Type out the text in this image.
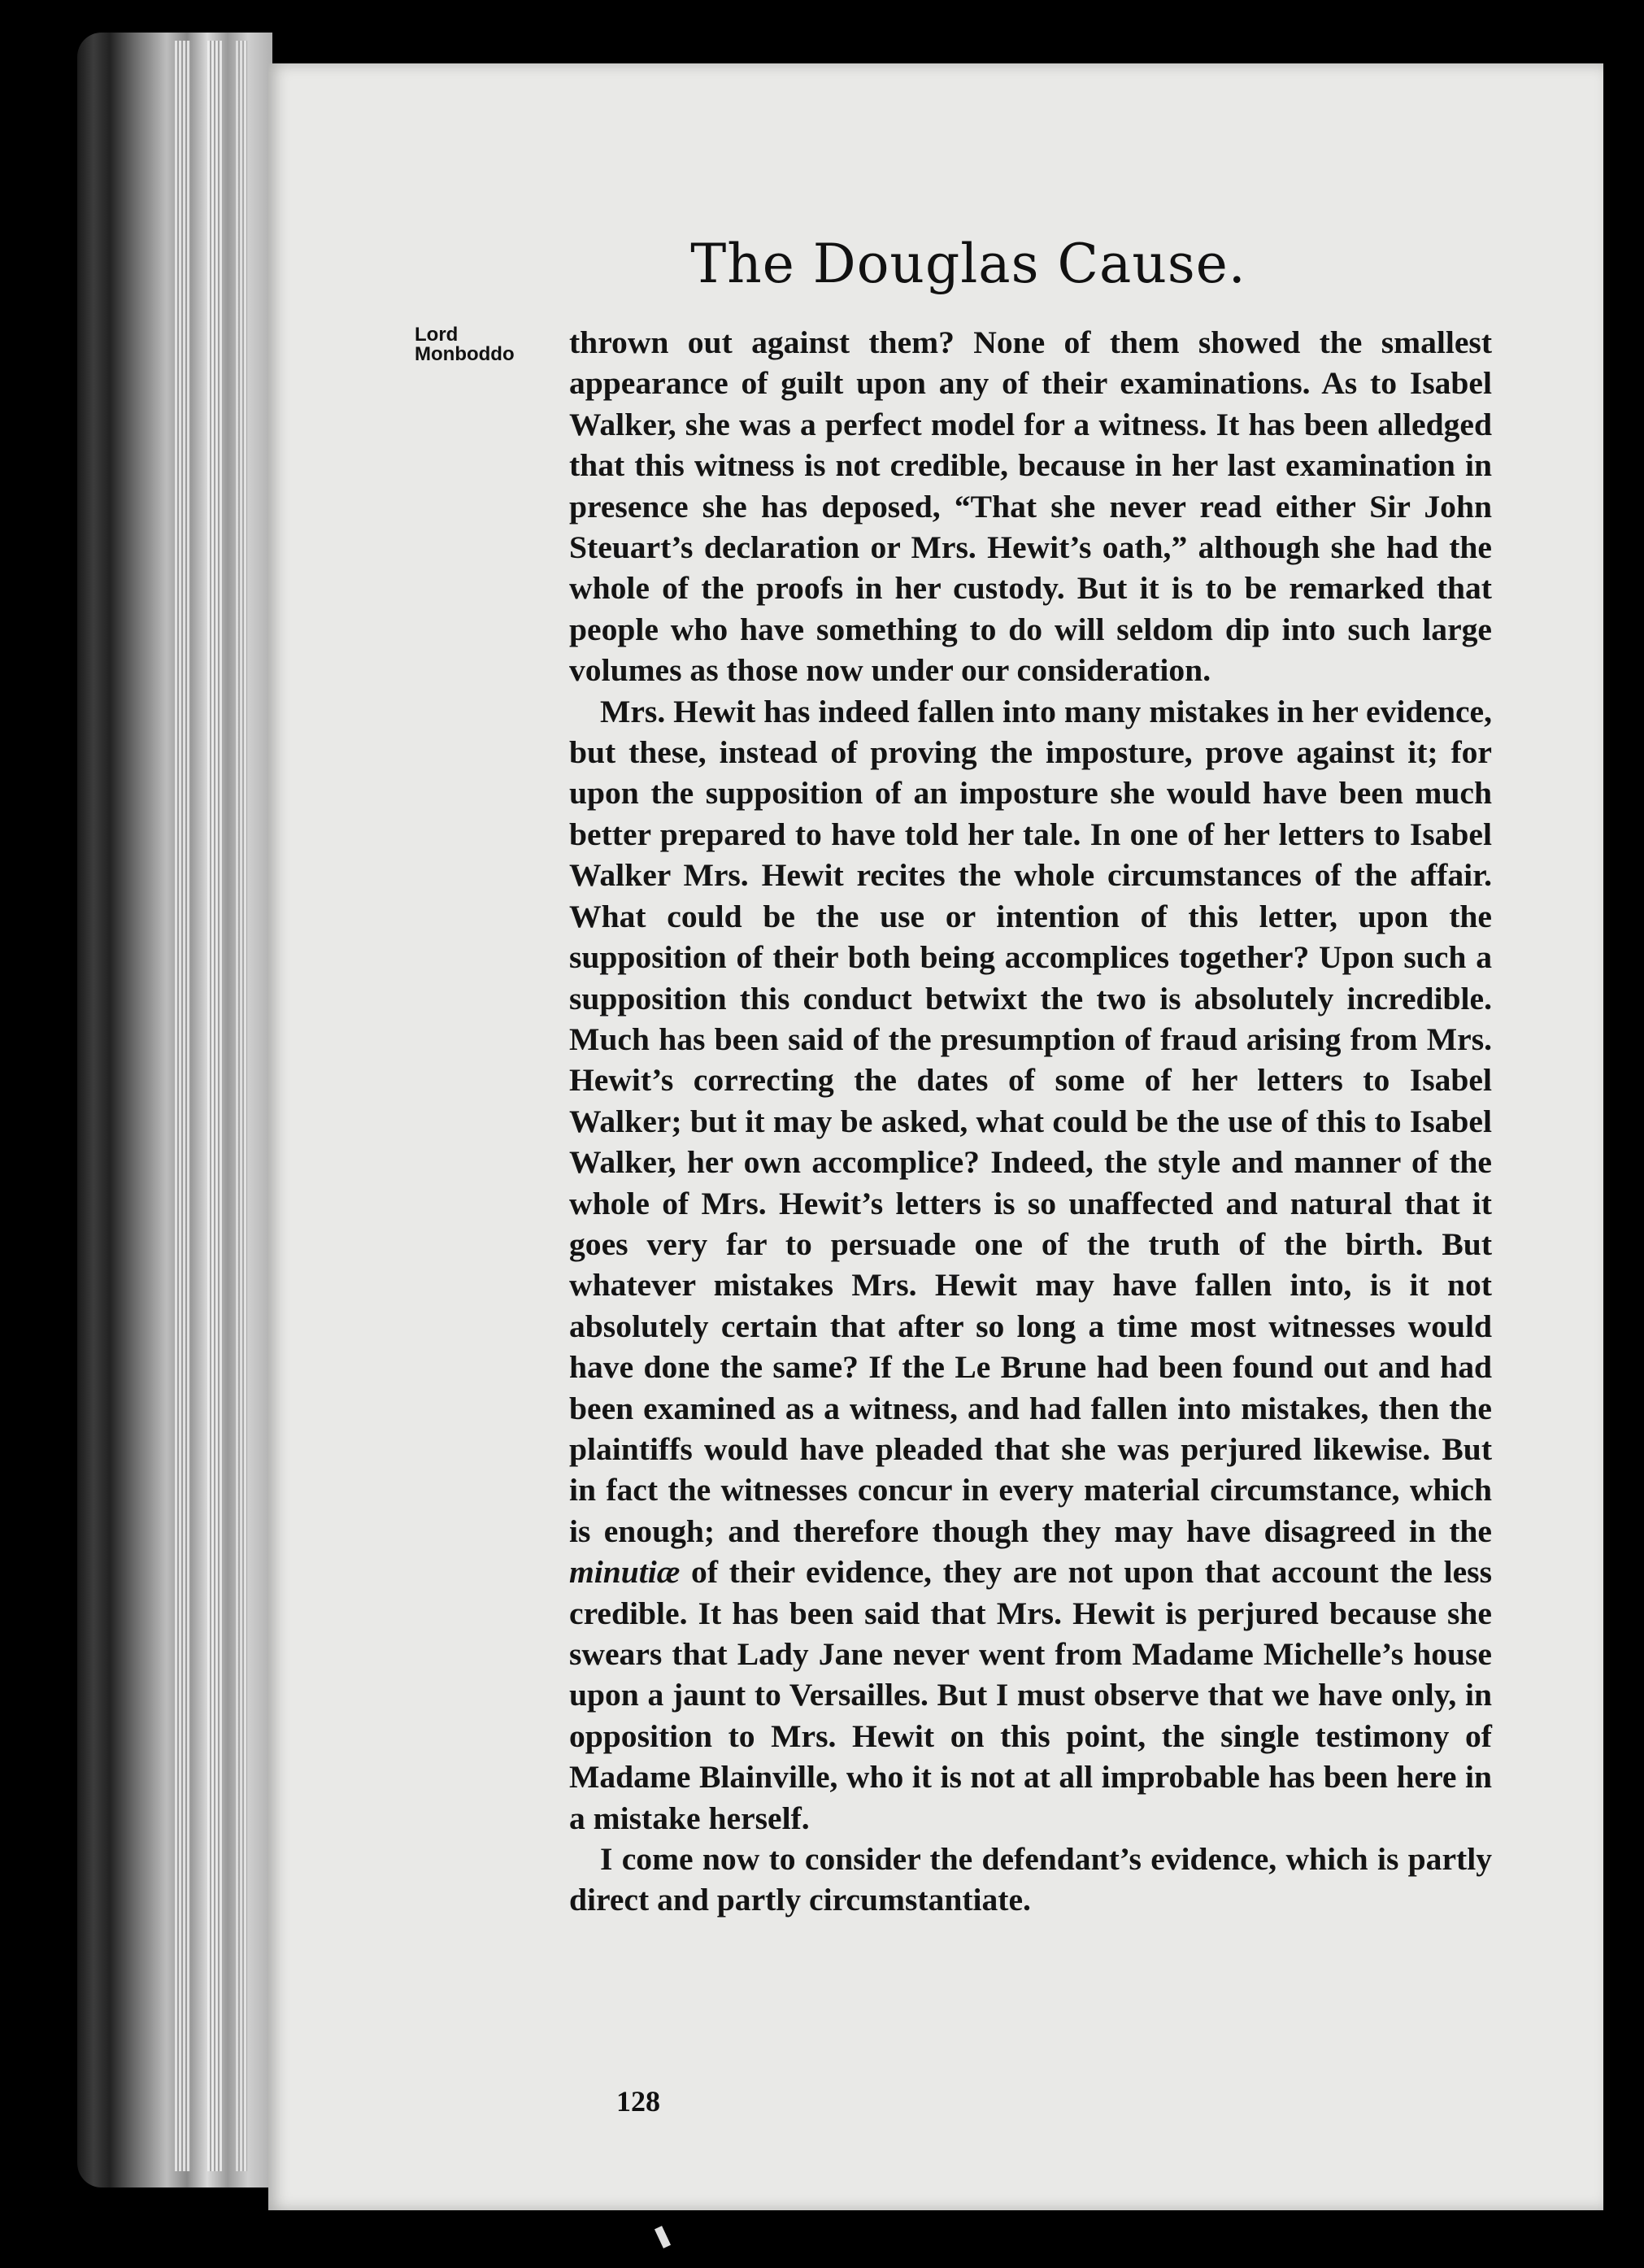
The Douglas Cause.
Lord
Monboddo thrown out against them? None of them showed the smallest appearance of guilt upon any of their examinations. As to Isabel Walker, she was a perfect model for a witness. It has been alledged that this witness is not credible, because in her last examination in presence she has deposed, “That she never read either Sir John Steuart’s declaration or Mrs. Hewit’s oath,” although she had the whole of the proofs in her custody. But it is to be remarked that people who have something to do will seldom dip into such large volumes as those now under our consideration.

Mrs. Hewit has indeed fallen into many mistakes in her evidence, but these, instead of proving the imposture, prove against it; for upon the supposition of an imposture she would have been much better prepared to have told her tale. In one of her letters to Isabel Walker Mrs. Hewit recites the whole circumstances of the affair. What could be the use or intention of this letter, upon the supposition of their both being accomplices together? Upon such a supposition this conduct betwixt the two is absolutely incredible. Much has been said of the presumption of fraud arising from Mrs. Hewit’s correcting the dates of some of her letters to Isabel Walker; but it may be asked, what could be the use of this to Isabel Walker, her own accomplice? Indeed, the style and manner of the whole of Mrs. Hewit’s letters is so unaffected and natural that it goes very far to persuade one of the truth of the birth. But whatever mistakes Mrs. Hewit may have fallen into, is it not absolutely certain that after so long a time most witnesses would have done the same? If the Le Brune had been found out and had been examined as a witness, and had fallen into mistakes, then the plaintiffs would have pleaded that she was perjured likewise. But in fact the witnesses concur in every material circumstance, which is enough; and therefore though they may have disagreed in the minutiæ of their evidence, they are not upon that account the less credible. It has been said that Mrs. Hewit is perjured because she swears that Lady Jane never went from Madame Michelle’s house upon a jaunt to Versailles. But I must observe that we have only, in opposition to Mrs. Hewit on this point, the single testimony of Madame Blainville, who it is not at all improbable has been here in a mistake herself.

I come now to consider the defendant’s evidence, which is partly direct and partly circumstantiate.

128
